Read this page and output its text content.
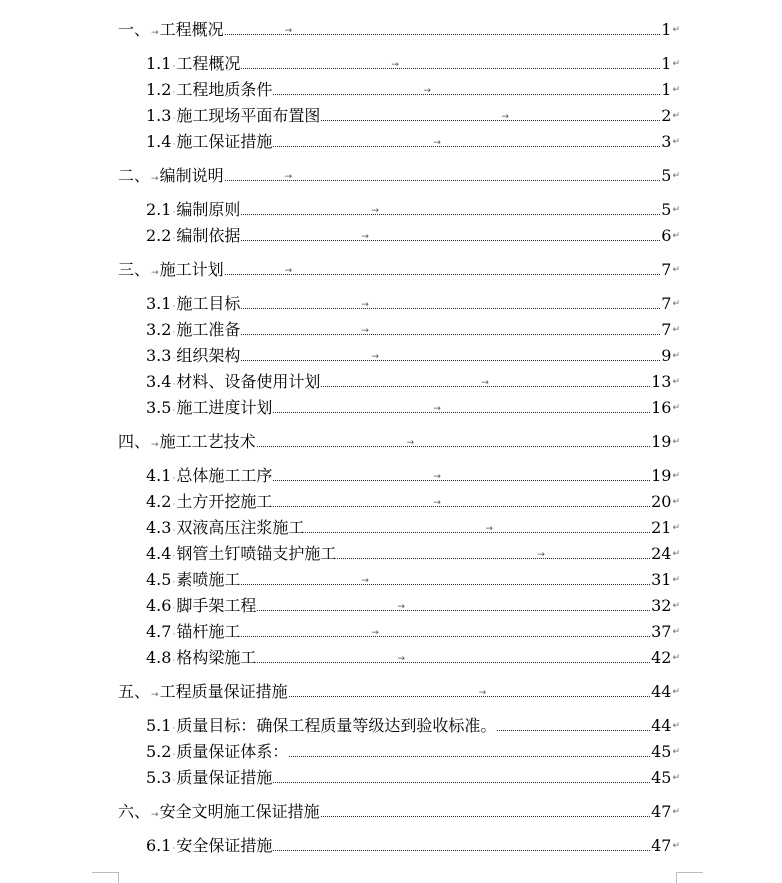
一、 → 工程概况	→	1 ↵
1.1 · 工程概况	→	1 ↵
1.2 · 工程地质条件	→	1 ↵
1.3 · 施工现场平面布置图	→	2 ↵
1.4 · 施工保证措施	→	3 ↵
二、 → 编制说明	→	5 ↵
2.1 · 编制原则	→	5 ↵
2.2 · 编制依据	→	6 ↵
三、 → 施工计划	→	7 ↵
3.1 · 施工目标	→	7 ↵
3.2 · 施工准备	→	7 ↵
3.3 · 组织架构	→	9 ↵
3.4 · 材料、设备使用计划	→	13 ↵
3.5 · 施工进度计划	→	16 ↵
四、 → 施工工艺技术	→	19 ↵
4.1 · 总体施工工序	→	19 ↵
4.2 · 土方开挖施工	→	20 ↵
4.3 · 双液高压注浆施工	→	21 ↵
4.4 · 钢管土钉喷锚支护施工	→	24 ↵
4.5 · 素喷施工	→	31 ↵
4.6 · 脚手架工程	→	32 ↵
4.7 · 锚杆施工	→	37 ↵
4.8 · 格构梁施工	→	42 ↵
五、 → 工程质量保证措施	→	44 ↵
5.1 · 质量目标：确保工程质量等级达到验收标准。	44 ↵
5.2 · 质量保证体系：	45 ↵
5.3 · 质量保证措施	45 ↵
六、 → 安全文明施工保证措施	47 ↵
6.1 · 安全保证措施	47 ↵
